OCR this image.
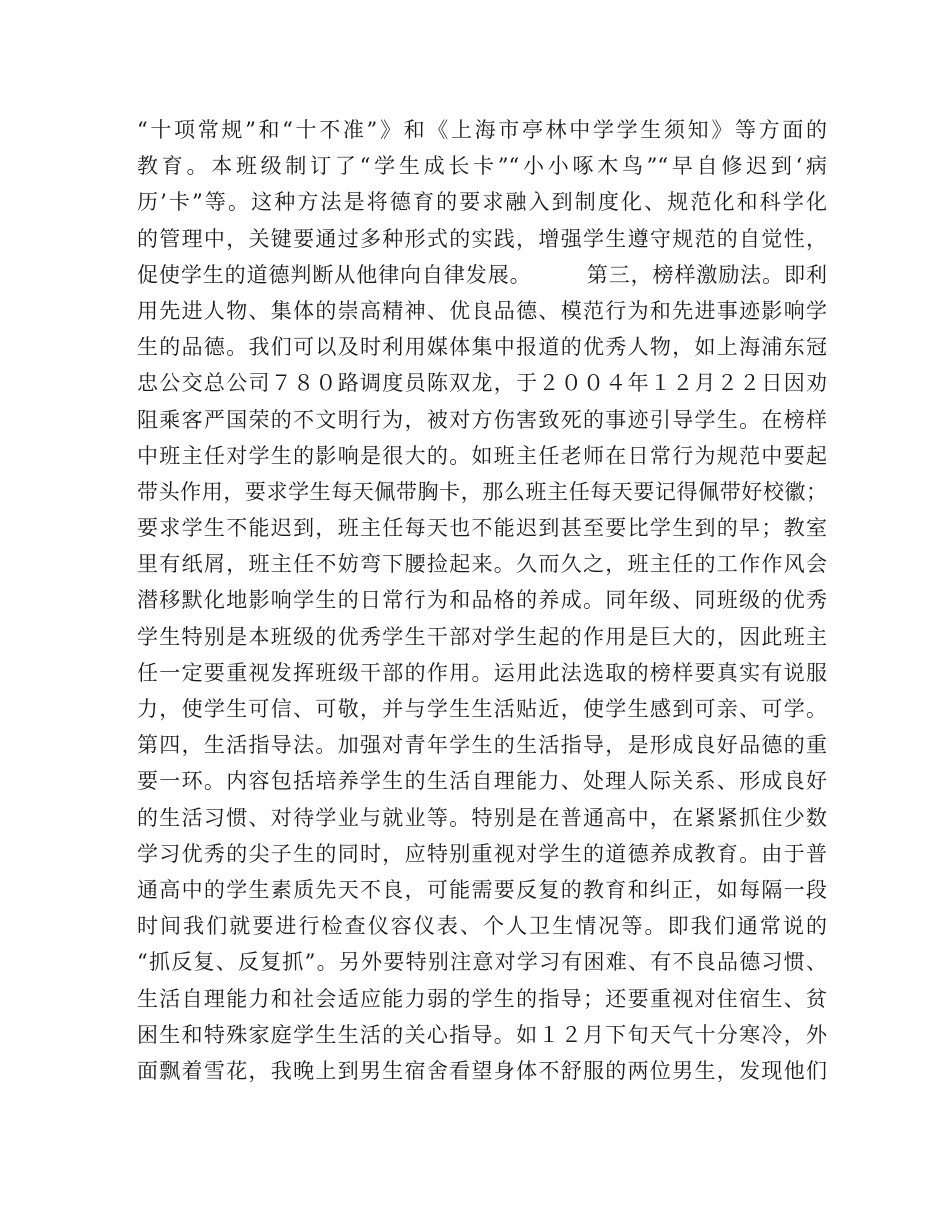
“十项常规”和“十不准”》和《上海市亭林中学学生须知》等方面的
教育。本班级制订了“学生成长卡”“小小啄木鸟”“早自修迟到‘病
历’卡”等。这种方法是将德育的要求融入到制度化、规范化和科学化
的管理中，关键要通过多种形式的实践，增强学生遵守规范的自觉性，
促使学生的道德判断从他律向自律发展。　　　第三，榜样激励法。即利
用先进人物、集体的崇高精神、优良品德、模范行为和先进事迹影响学
生的品德。我们可以及时利用媒体集中报道的优秀人物，如上海浦东冠
忠公交总公司７８０路调度员陈双龙，于２００４年１２月２２日因劝
阻乘客严国荣的不文明行为，被对方伤害致死的事迹引导学生。在榜样
中班主任对学生的影响是很大的。如班主任老师在日常行为规范中要起
带头作用，要求学生每天佩带胸卡，那么班主任每天要记得佩带好校徽；
要求学生不能迟到，班主任每天也不能迟到甚至要比学生到的早；教室
里有纸屑，班主任不妨弯下腰捡起来。久而久之，班主任的工作作风会
潜移默化地影响学生的日常行为和品格的养成。同年级、同班级的优秀
学生特别是本班级的优秀学生干部对学生起的作用是巨大的，因此班主
任一定要重视发挥班级干部的作用。运用此法选取的榜样要真实有说服
力，使学生可信、可敬，并与学生生活贴近，使学生感到可亲、可学。
第四，生活指导法。加强对青年学生的生活指导，是形成良好品德的重
要一环。内容包括培养学生的生活自理能力、处理人际关系、形成良好
的生活习惯、对待学业与就业等。特别是在普通高中，在紧紧抓住少数
学习优秀的尖子生的同时，应特别重视对学生的道德养成教育。由于普
通高中的学生素质先天不良，可能需要反复的教育和纠正，如每隔一段
时间我们就要进行检查仪容仪表、个人卫生情况等。即我们通常说的
“抓反复、反复抓”。另外要特别注意对学习有困难、有不良品德习惯、
生活自理能力和社会适应能力弱的学生的指导；还要重视对住宿生、贫
困生和特殊家庭学生生活的关心指导。如１２月下旬天气十分寒冷，外
面飘着雪花，我晚上到男生宿舍看望身体不舒服的两位男生，发现他们
